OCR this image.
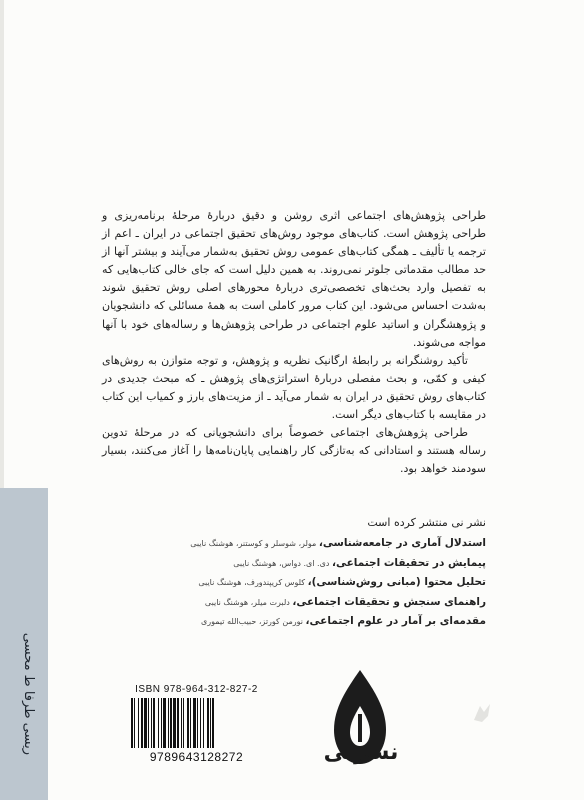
ریسی طرفا ط محسی

طراحی پژوهش‌های اجتماعی اثری روشن و دقیق دربارهٔ مرحلهٔ برنامه‌ریزی و طراحی پژوهش است. کتاب‌های موجود روش‌های تحقیق اجتماعی در ایران ـ اعم از ترجمه یا تألیف ـ همگی کتاب‌های عمومی روش تحقیق به‌شمار می‌آیند و بیشتر آنها از حد مطالب مقدماتی جلوتر نمی‌روند. به همین دلیل است که جای خالی کتاب‌هایی که به تفصیل وارد بحث‌های تخصصی‌تری دربارهٔ محورهای اصلی روش تحقیق شوند به‌شدت احساس می‌شود. این کتاب مرور کاملی است به همهٔ مسائلی که دانشجویان و پژوهشگران و اساتید علوم اجتماعی در طراحی پژوهش‌ها و رساله‌های خود با آنها مواجه می‌شوند.

تأکید روشنگرانه بر رابطهٔ ارگانیک نظریه و پژوهش، و توجه متوازن به روش‌های کیفی و کمّی، و بحث مفصلی دربارهٔ استراتژی‌های پژوهش ـ که مبحث جدیدی در کتاب‌های روش تحقیق در ایران به شمار می‌آید ـ از مزیت‌های بارز و کمیاب این کتاب در مقایسه با کتاب‌های دیگر است.

طراحی پژوهش‌های اجتماعی خصوصاً برای دانشجویانی که در مرحلهٔ تدوین رساله هستند و استادانی که به‌تازگی کار راهنمایی پایان‌نامه‌ها را آغاز می‌کنند، بسیار سودمند خواهد بود.

نشر نی منتشر کرده است

استدلال آماری در جامعه‌شناسی، مولر، شوسلر و کوستنر، هوشنگ نایبی

پیمایش در تحقیقات اجتماعی، دی. ای. دواس، هوشنگ نایبی

تحلیل محتوا (مبانی روش‌شناسی)، کلوس کریپندورف، هوشنگ نایبی

راهنمای سنجش و تحقیقات اجتماعی، دلبرت میلر، هوشنگ نایبی

مقدمه‌ای بر آمار در علوم اجتماعی، نورمن کورتز، حبیب‌الله تیموری

ISBN 978-964-312-827-2
9789643128272	نشرنی
